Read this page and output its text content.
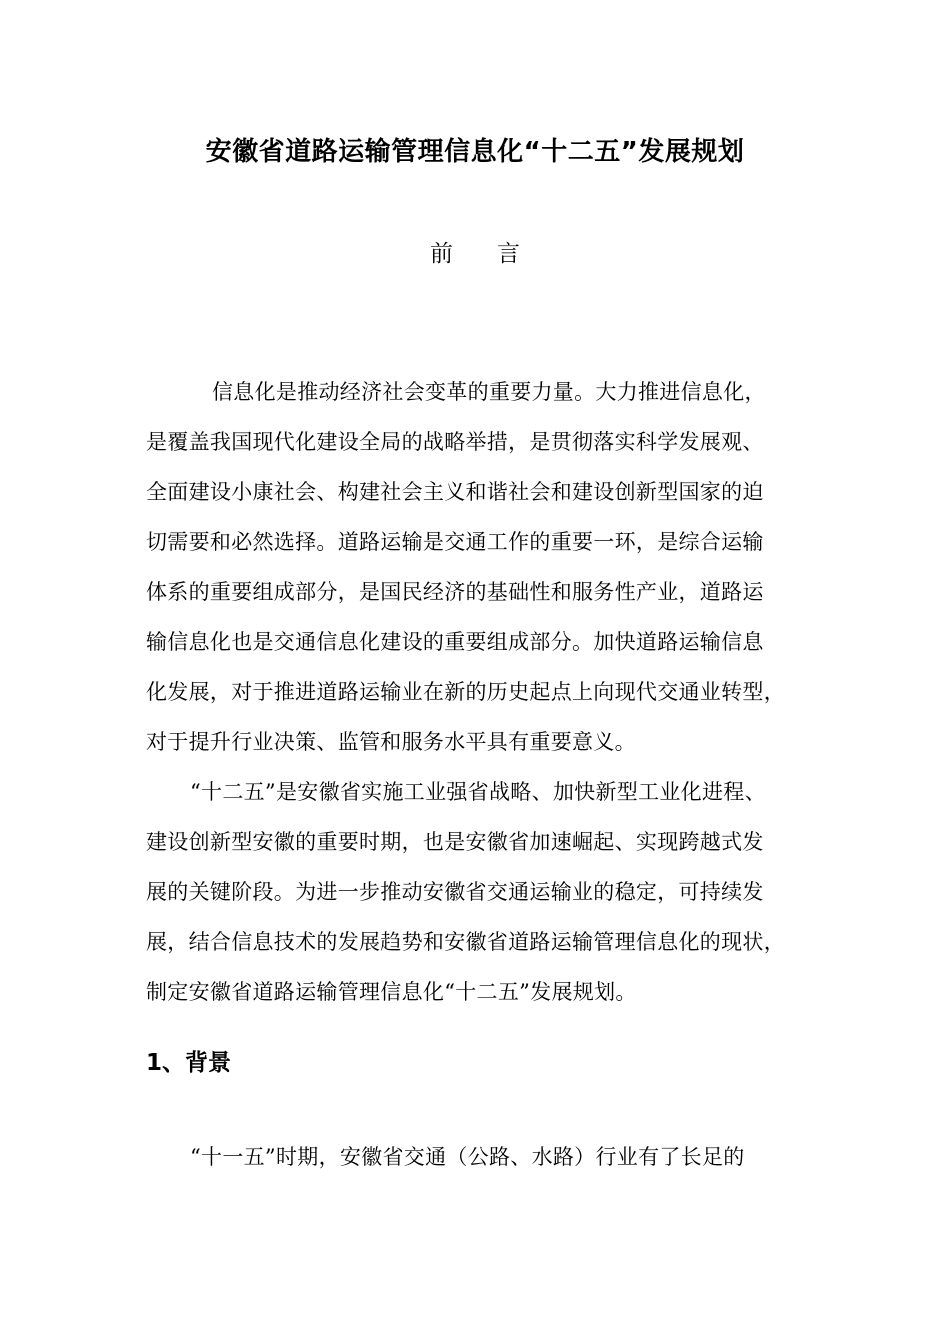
安徽省道路运输管理信息化“十二五”发展规划
前言
信息化是推动经济社会变革的重要力量。大力推进信息化，
是覆盖我国现代化建设全局的战略举措，是贯彻落实科学发展观、
全面建设小康社会、构建社会主义和谐社会和建设创新型国家的迫
切需要和必然选择。道路运输是交通工作的重要一环，是综合运输
体系的重要组成部分，是国民经济的基础性和服务性产业，道路运
输信息化也是交通信息化建设的重要组成部分。加快道路运输信息
化发展，对于推进道路运输业在新的历史起点上向现代交通业转型，
对于提升行业决策、监管和服务水平具有重要意义。
“十二五”是安徽省实施工业强省战略、加快新型工业化进程、
建设创新型安徽的重要时期，也是安徽省加速崛起、实现跨越式发
展的关键阶段。为进一步推动安徽省交通运输业的稳定，可持续发
展，结合信息技术的发展趋势和安徽省道路运输管理信息化的现状，
制定安徽省道路运输管理信息化“十二五”发展规划。
1、背景
“十一五”时期，安徽省交通（公路、水路）行业有了长足的
